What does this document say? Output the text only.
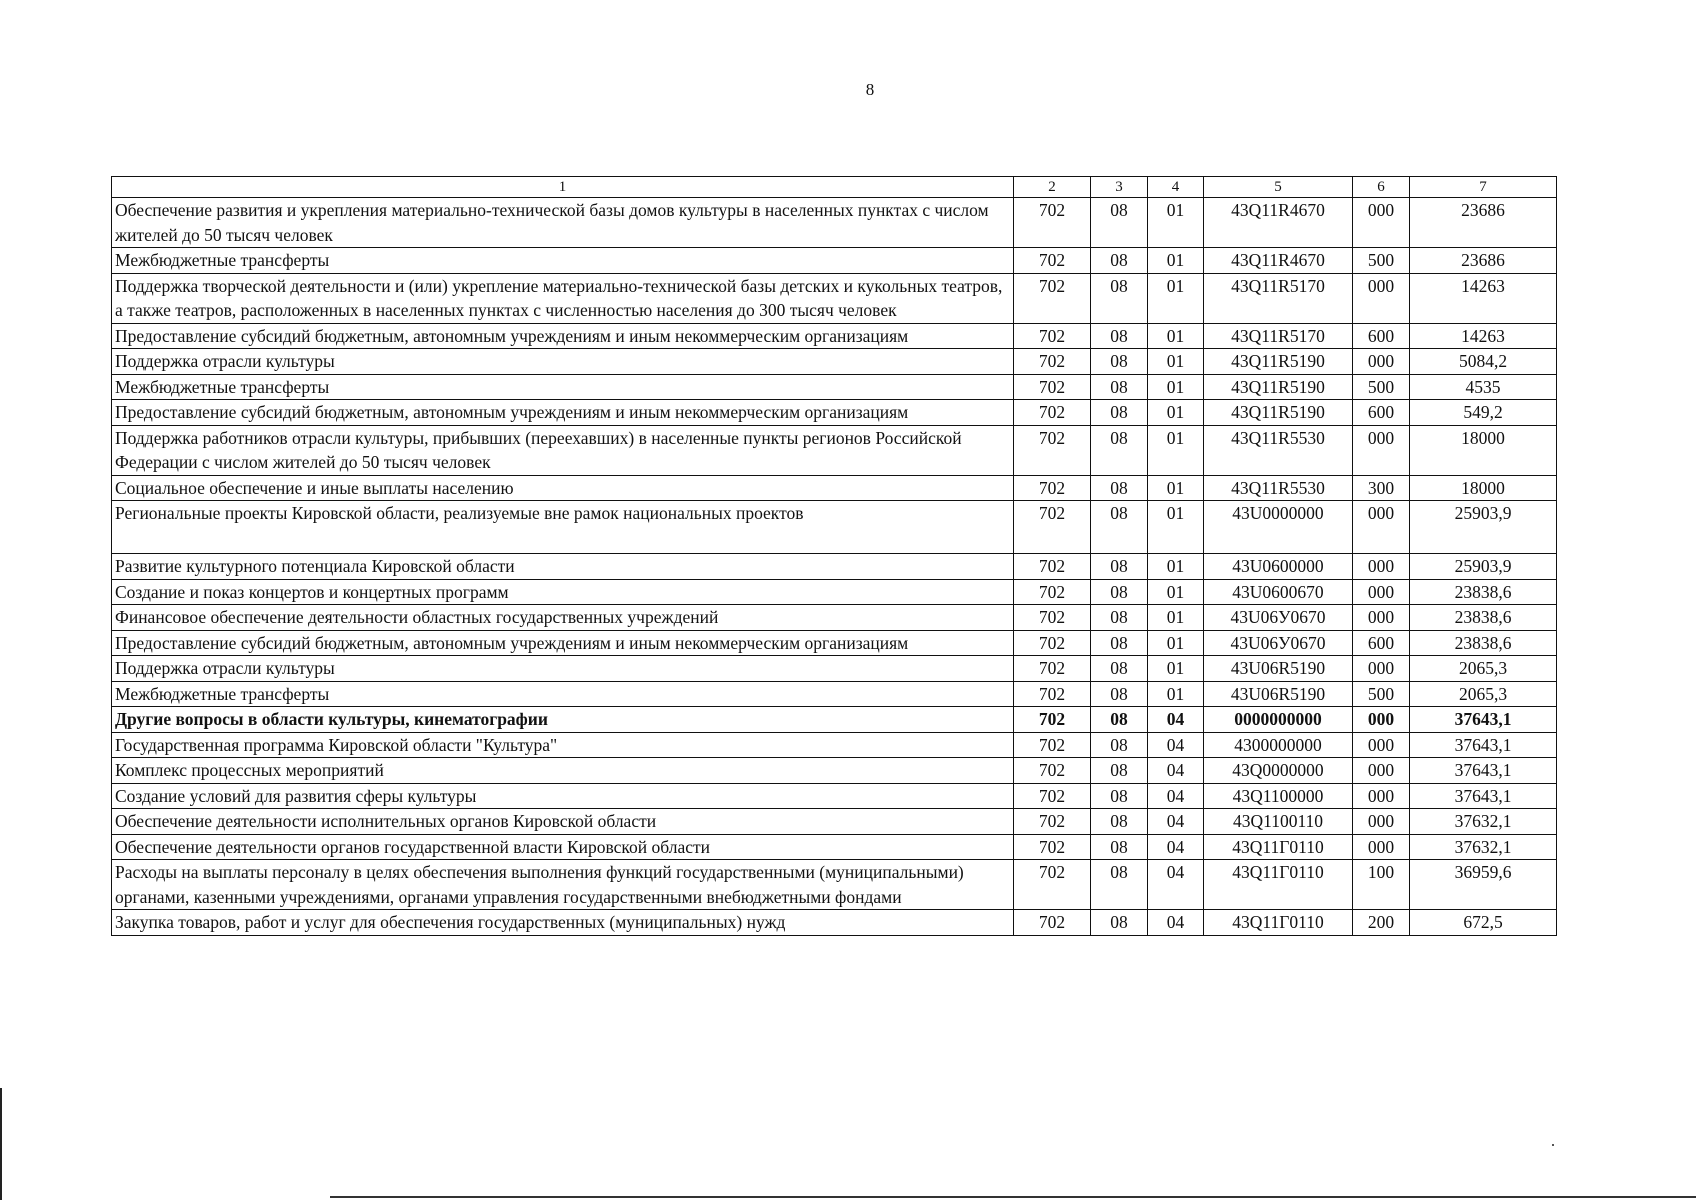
8
1	2	3	4	5	6	7
Обеспечение развития и укрепления материально-технической базы домов культуры в населенных пунктах с числом жителей до 50 тысяч человек	702	08	01	43Q11R4670	000	23686
Межбюджетные трансферты	702	08	01	43Q11R4670	500	23686
Поддержка творческой деятельности и (или) укрепление материально-технической базы детских и кукольных театров, а также театров, расположенных в населенных пунктах с численностью населения до 300 тысяч человек	702	08	01	43Q11R5170	000	14263
Предоставление субсидий бюджетным, автономным учреждениям и иным некоммерческим организациям	702	08	01	43Q11R5170	600	14263
Поддержка отрасли культуры	702	08	01	43Q11R5190	000	5084,2
Межбюджетные трансферты	702	08	01	43Q11R5190	500	4535
Предоставление субсидий бюджетным, автономным учреждениям и иным некоммерческим организациям	702	08	01	43Q11R5190	600	549,2
Поддержка работников отрасли культуры, прибывших (переехавших) в населенные пункты регионов Российской Федерации с числом жителей до 50 тысяч человек	702	08	01	43Q11R5530	000	18000
Социальное обеспечение и иные выплаты населению	702	08	01	43Q11R5530	300	18000
Региональные проекты Кировской области, реализуемые вне рамок национальных проектов	702	08	01	43U0000000	000	25903,9
Развитие культурного потенциала Кировской области	702	08	01	43U0600000	000	25903,9
Создание и показ концертов и концертных программ	702	08	01	43U0600670	000	23838,6
Финансовое обеспечение деятельности областных государственных учреждений	702	08	01	43U06У0670	000	23838,6
Предоставление субсидий бюджетным, автономным учреждениям и иным некоммерческим организациям	702	08	01	43U06У0670	600	23838,6
Поддержка отрасли культуры	702	08	01	43U06R5190	000	2065,3
Межбюджетные трансферты	702	08	01	43U06R5190	500	2065,3
Другие вопросы в области культуры, кинематографии	702	08	04	0000000000	000	37643,1
Государственная программа Кировской области "Культура"	702	08	04	4300000000	000	37643,1
Комплекс процессных мероприятий	702	08	04	43Q0000000	000	37643,1
Создание условий для развития сферы культуры	702	08	04	43Q1100000	000	37643,1
Обеспечение деятельности исполнительных органов Кировской области	702	08	04	43Q1100110	000	37632,1
Обеспечение деятельности органов государственной власти Кировской области	702	08	04	43Q11Г0110	000	37632,1
Расходы на выплаты персоналу в целях обеспечения выполнения функций государственными (муниципальными) органами, казенными учреждениями, органами управления государственными внебюджетными фондами	702	08	04	43Q11Г0110	100	36959,6
Закупка товаров, работ и услуг для обеспечения государственных (муниципальных) нужд	702	08	04	43Q11Г0110	200	672,5
